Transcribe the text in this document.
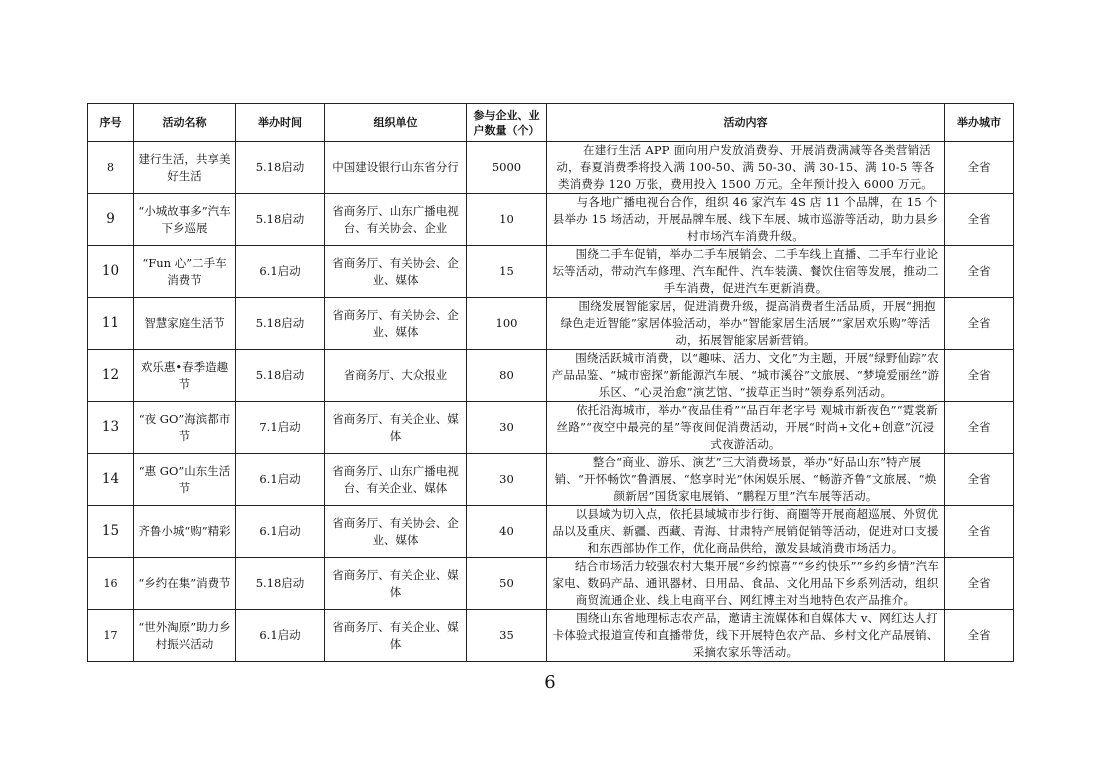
序号	活动名称	举办时间	组织单位	参与企业、业户数量（个）	活动内容	举办城市
8	建行生活，共享美好生活	5.18启动	中国建设银行山东省分行	5000	在建行生活 APP 面向用户发放消费券、开展消费满减等各类营销活动，春夏消费季将投入满 100-50、满 50-30、满 30-15、满 10-5 等各类消费券 120 万张，费用投入 1500 万元。全年预计投入 6000 万元。	全省
9	“小城故事多”汽车下乡巡展	5.18启动	省商务厅、山东广播电视台、有关协会、企业	10	与各地广播电视台合作，组织 46 家汽车 4S 店 11 个品牌，在 15 个县举办 15 场活动，开展品牌车展、线下车展、城市巡游等活动，助力县乡村市场汽车消费升级。	全省
10	“Fun 心”二手车消费节	6.1启动	省商务厅、有关协会、企业、媒体	15	围绕二手车促销，举办二手车展销会、二手车线上直播、二手车行业论坛等活动，带动汽车修理、汽车配件、汽车装潢、餐饮住宿等发展，推动二手车消费，促进汽车更新消费。	全省
11	智慧家庭生活节	5.18启动	省商务厅、有关协会、企业、媒体	100	围绕发展智能家居，促进消费升级，提高消费者生活品质，开展“拥抱绿色走近智能”家居体验活动，举办“智能家居生活展”“家居欢乐购”等活动，拓展智能家居新营销。	全省
12	欢乐惠•春季造趣节	5.18启动	省商务厅、大众报业	80	围绕活跃城市消费，以“趣味、活力、文化”为主题，开展“绿野仙踪”农产品品鉴、“城市密探”新能源汽车展、“城市溪谷”文旅展、“梦境爱丽丝”游乐区、“心灵治愈”演艺馆、“拔草正当时”领券系列活动。	全省
13	“夜 GO”海滨都市节	7.1启动	省商务厅、有关企业、媒体	30	依托沿海城市，举办“夜品佳肴”“品百年老字号 观城市新夜色”“霓裳新丝路”“夜空中最亮的星”等夜间促消费活动，开展“时尚+文化+创意”沉浸式夜游活动。	全省
14	“惠 GO”山东生活节	6.1启动	省商务厅、山东广播电视台、有关企业、媒体	30	整合“商业、游乐、演艺”三大消费场景，举办“好品山东”特产展销、“开怀畅饮”鲁酒展、“悠享时光”休闲娱乐展、“畅游齐鲁”文旅展、“焕颜新居”国货家电展销、“鹏程万里”汽车展等活动。	全省
15	齐鲁小城“购”精彩	6.1启动	省商务厅、有关协会、企业、媒体	40	以县域为切入点，依托县域城市步行街、商圈等开展商超巡展、外贸优品以及重庆、新疆、西藏、青海、甘肃特产展销促销等活动，促进对口支援和东西部协作工作，优化商品供给，激发县域消费市场活力。	全省
16	“乡约在集”消费节	5.18启动	省商务厅、有关企业、媒体	50	结合市场活力较强农村大集开展“乡约惊喜”“乡约快乐”“乡约乡情”汽车家电、数码产品、通讯器材、日用品、食品、文化用品下乡系列活动，组织商贸流通企业、线上电商平台、网红博主对当地特色农产品推介。	全省
17	“世外淘原”助力乡村振兴活动	6.1启动	省商务厅、有关企业、媒体	35	围绕山东省地理标志农产品，邀请主流媒体和自媒体大 v、网红达人打卡体验式报道宣传和直播带货，线下开展特色农产品、乡村文化产品展销、采摘农家乐等活动。	全省
6
